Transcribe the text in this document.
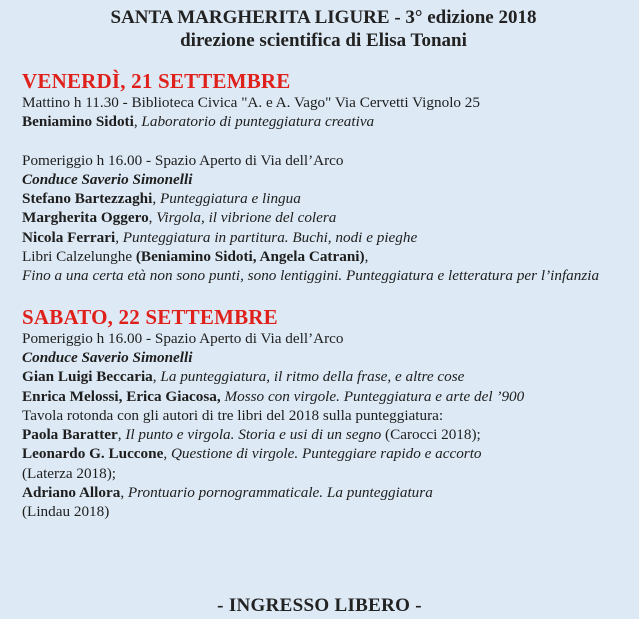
SANTA MARGHERITA LIGURE - 3° edizione 2018
direzione scientifica di Elisa Tonani
VENERDÌ, 21 SETTEMBRE
Mattino h 11.30 - Biblioteca Civica "A. e A. Vago" Via Cervetti Vignolo 25
Beniamino Sidoti, Laboratorio di punteggiatura creativa
Pomeriggio h 16.00 - Spazio Aperto di Via dell’Arco
Conduce Saverio Simonelli
Stefano Bartezzaghi, Punteggiatura e lingua
Margherita Oggero, Virgola, il vibrione del colera
Nicola Ferrari, Punteggiatura in partitura. Buchi, nodi e pieghe
Libri Calzelunghe (Beniamino Sidoti, Angela Catrani),
Fino a una certa età non sono punti, sono lentiggini. Punteggiatura e letteratura per l’infanzia
SABATO, 22 SETTEMBRE
Pomeriggio h 16.00 - Spazio Aperto di Via dell’Arco
Conduce Saverio Simonelli
Gian Luigi Beccaria, La punteggiatura, il ritmo della frase, e altre cose
Enrica Melossi, Erica Giacosa, Mosso con virgole. Punteggiatura e arte del ’900
Tavola rotonda con gli autori di tre libri del 2018 sulla punteggiatura:
Paola Baratter, Il punto e virgola. Storia e usi di un segno (Carocci 2018);
Leonardo G. Luccone, Questione di virgole. Punteggiare rapido e accorto
(Laterza 2018);
Adriano Allora, Prontuario pornogrammaticale. La punteggiatura
(Lindau 2018)
- INGRESSO LIBERO -
